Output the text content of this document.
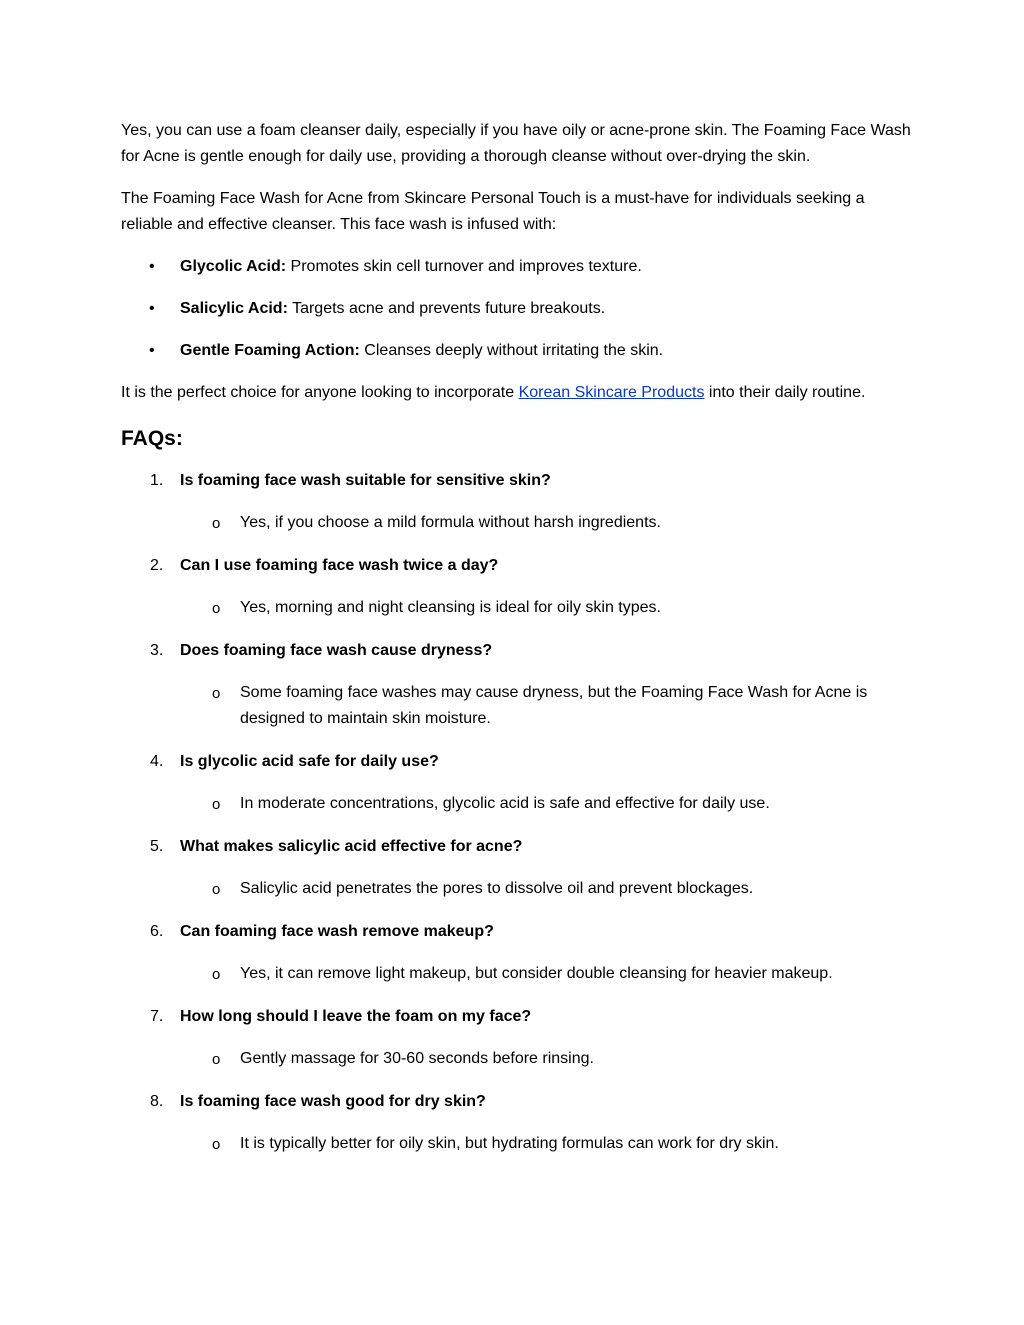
Yes, you can use a foam cleanser daily, especially if you have oily or acne-prone skin. The Foaming Face Wash for Acne is gentle enough for daily use, providing a thorough cleanse without over-drying the skin.

The Foaming Face Wash for Acne from Skincare Personal Touch is a must-have for individuals seeking a reliable and effective cleanser. This face wash is infused with:

• Glycolic Acid: Promotes skin cell turnover and improves texture.
• Salicylic Acid: Targets acne and prevents future breakouts.
• Gentle Foaming Action: Cleanses deeply without irritating the skin.

It is the perfect choice for anyone looking to incorporate Korean Skincare Products into their daily routine.

FAQs:
1. Is foaming face wash suitable for sensitive skin?
o Yes, if you choose a mild formula without harsh ingredients.
2. Can I use foaming face wash twice a day?
o Yes, morning and night cleansing is ideal for oily skin types.
3. Does foaming face wash cause dryness?
o Some foaming face washes may cause dryness, but the Foaming Face Wash for Acne is designed to maintain skin moisture.
4. Is glycolic acid safe for daily use?
o In moderate concentrations, glycolic acid is safe and effective for daily use.
5. What makes salicylic acid effective for acne?
o Salicylic acid penetrates the pores to dissolve oil and prevent blockages.
6. Can foaming face wash remove makeup?
o Yes, it can remove light makeup, but consider double cleansing for heavier makeup.
7. How long should I leave the foam on my face?
o Gently massage for 30-60 seconds before rinsing.
8. Is foaming face wash good for dry skin?
o It is typically better for oily skin, but hydrating formulas can work for dry skin.
